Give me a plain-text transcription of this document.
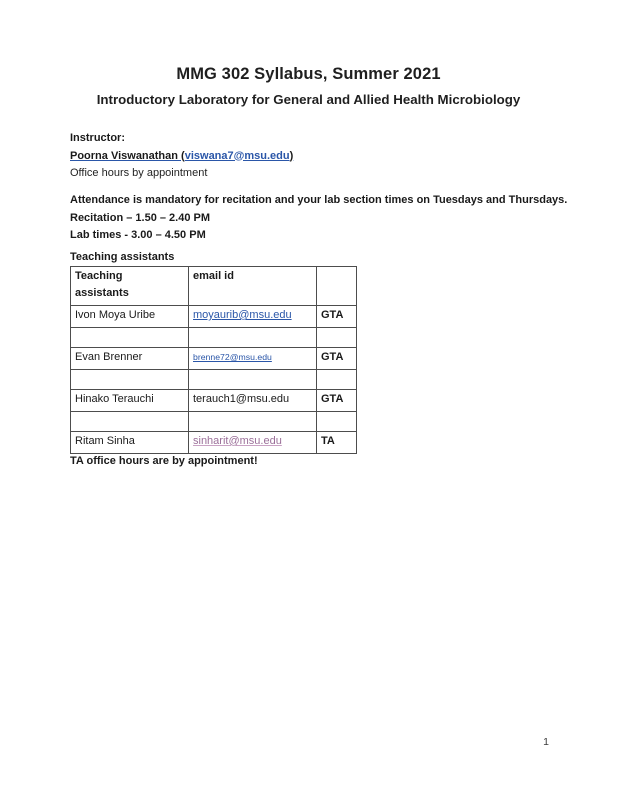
MMG 302 Syllabus, Summer 2021
Introductory Laboratory for General and Allied Health Microbiology
Instructor:
Poorna Viswanathan (viswana7@msu.edu)
Office hours by appointment
Attendance is mandatory for recitation and your lab section times on Tuesdays and Thursdays.
Recitation – 1.50 – 2.40 PM
Lab times - 3.00 – 4.50 PM
Teaching assistants
Teaching
assistants	email id	
Ivon Moya Uribe	moyaurib@msu.edu	GTA

Evan Brenner	brenne72@msu.edu	GTA

Hinako Terauchi	terauch1@msu.edu	GTA

Ritam Sinha	sinharit@msu.edu	TA
TA office hours are by appointment!
1
